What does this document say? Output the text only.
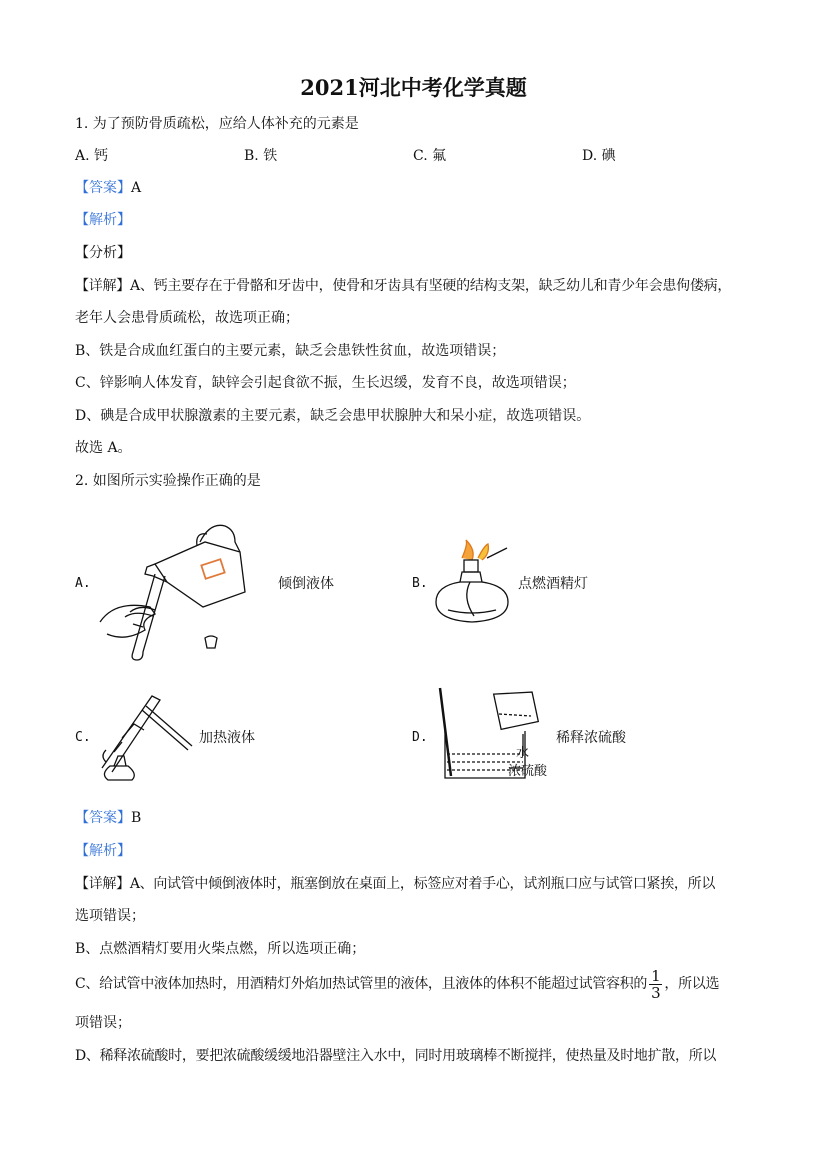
2021河北中考化学真题
1. 为了预防骨质疏松，应给人体补充的元素是
A. 钙	B. 铁	C. 氟	D. 碘
【答案】A
【解析】
【分析】
【详解】A、钙主要存在于骨骼和牙齿中，使骨和牙齿具有坚硬的结构支架，缺乏幼儿和青少年会患佝偻病，
老年人会患骨质疏松，故选项正确；
B、铁是合成血红蛋白的主要元素，缺乏会患铁性贫血，故选项错误；
C、锌影响人体发育，缺锌会引起食欲不振，生长迟缓，发育不良，故选项错误；
D、碘是合成甲状腺激素的主要元素，缺乏会患甲状腺肿大和呆小症，故选项错误。
故选 A。
2. 如图所示实验操作正确的是
A.	倾倒液体	B.	点燃酒精灯
C.	加热液体	D.
水
浓硫酸
稀释浓硫酸
【答案】B
【解析】
【详解】A、向试管中倾倒液体时，瓶塞倒放在桌面上，标签应对着手心，试剂瓶口应与试管口紧挨，所以
选项错误；
B、点燃酒精灯要用火柴点燃，所以选项正确；
C、给试管中液体加热时，用酒精灯外焰加热试管里的液体，且液体的体积不能超过试管容积的 $\frac{1}{3}$ ，所以选
项错误；
D、稀释浓硫酸时，要把浓硫酸缓缓地沿器壁注入水中，同时用玻璃棒不断搅拌，使热量及时地扩散，所以
